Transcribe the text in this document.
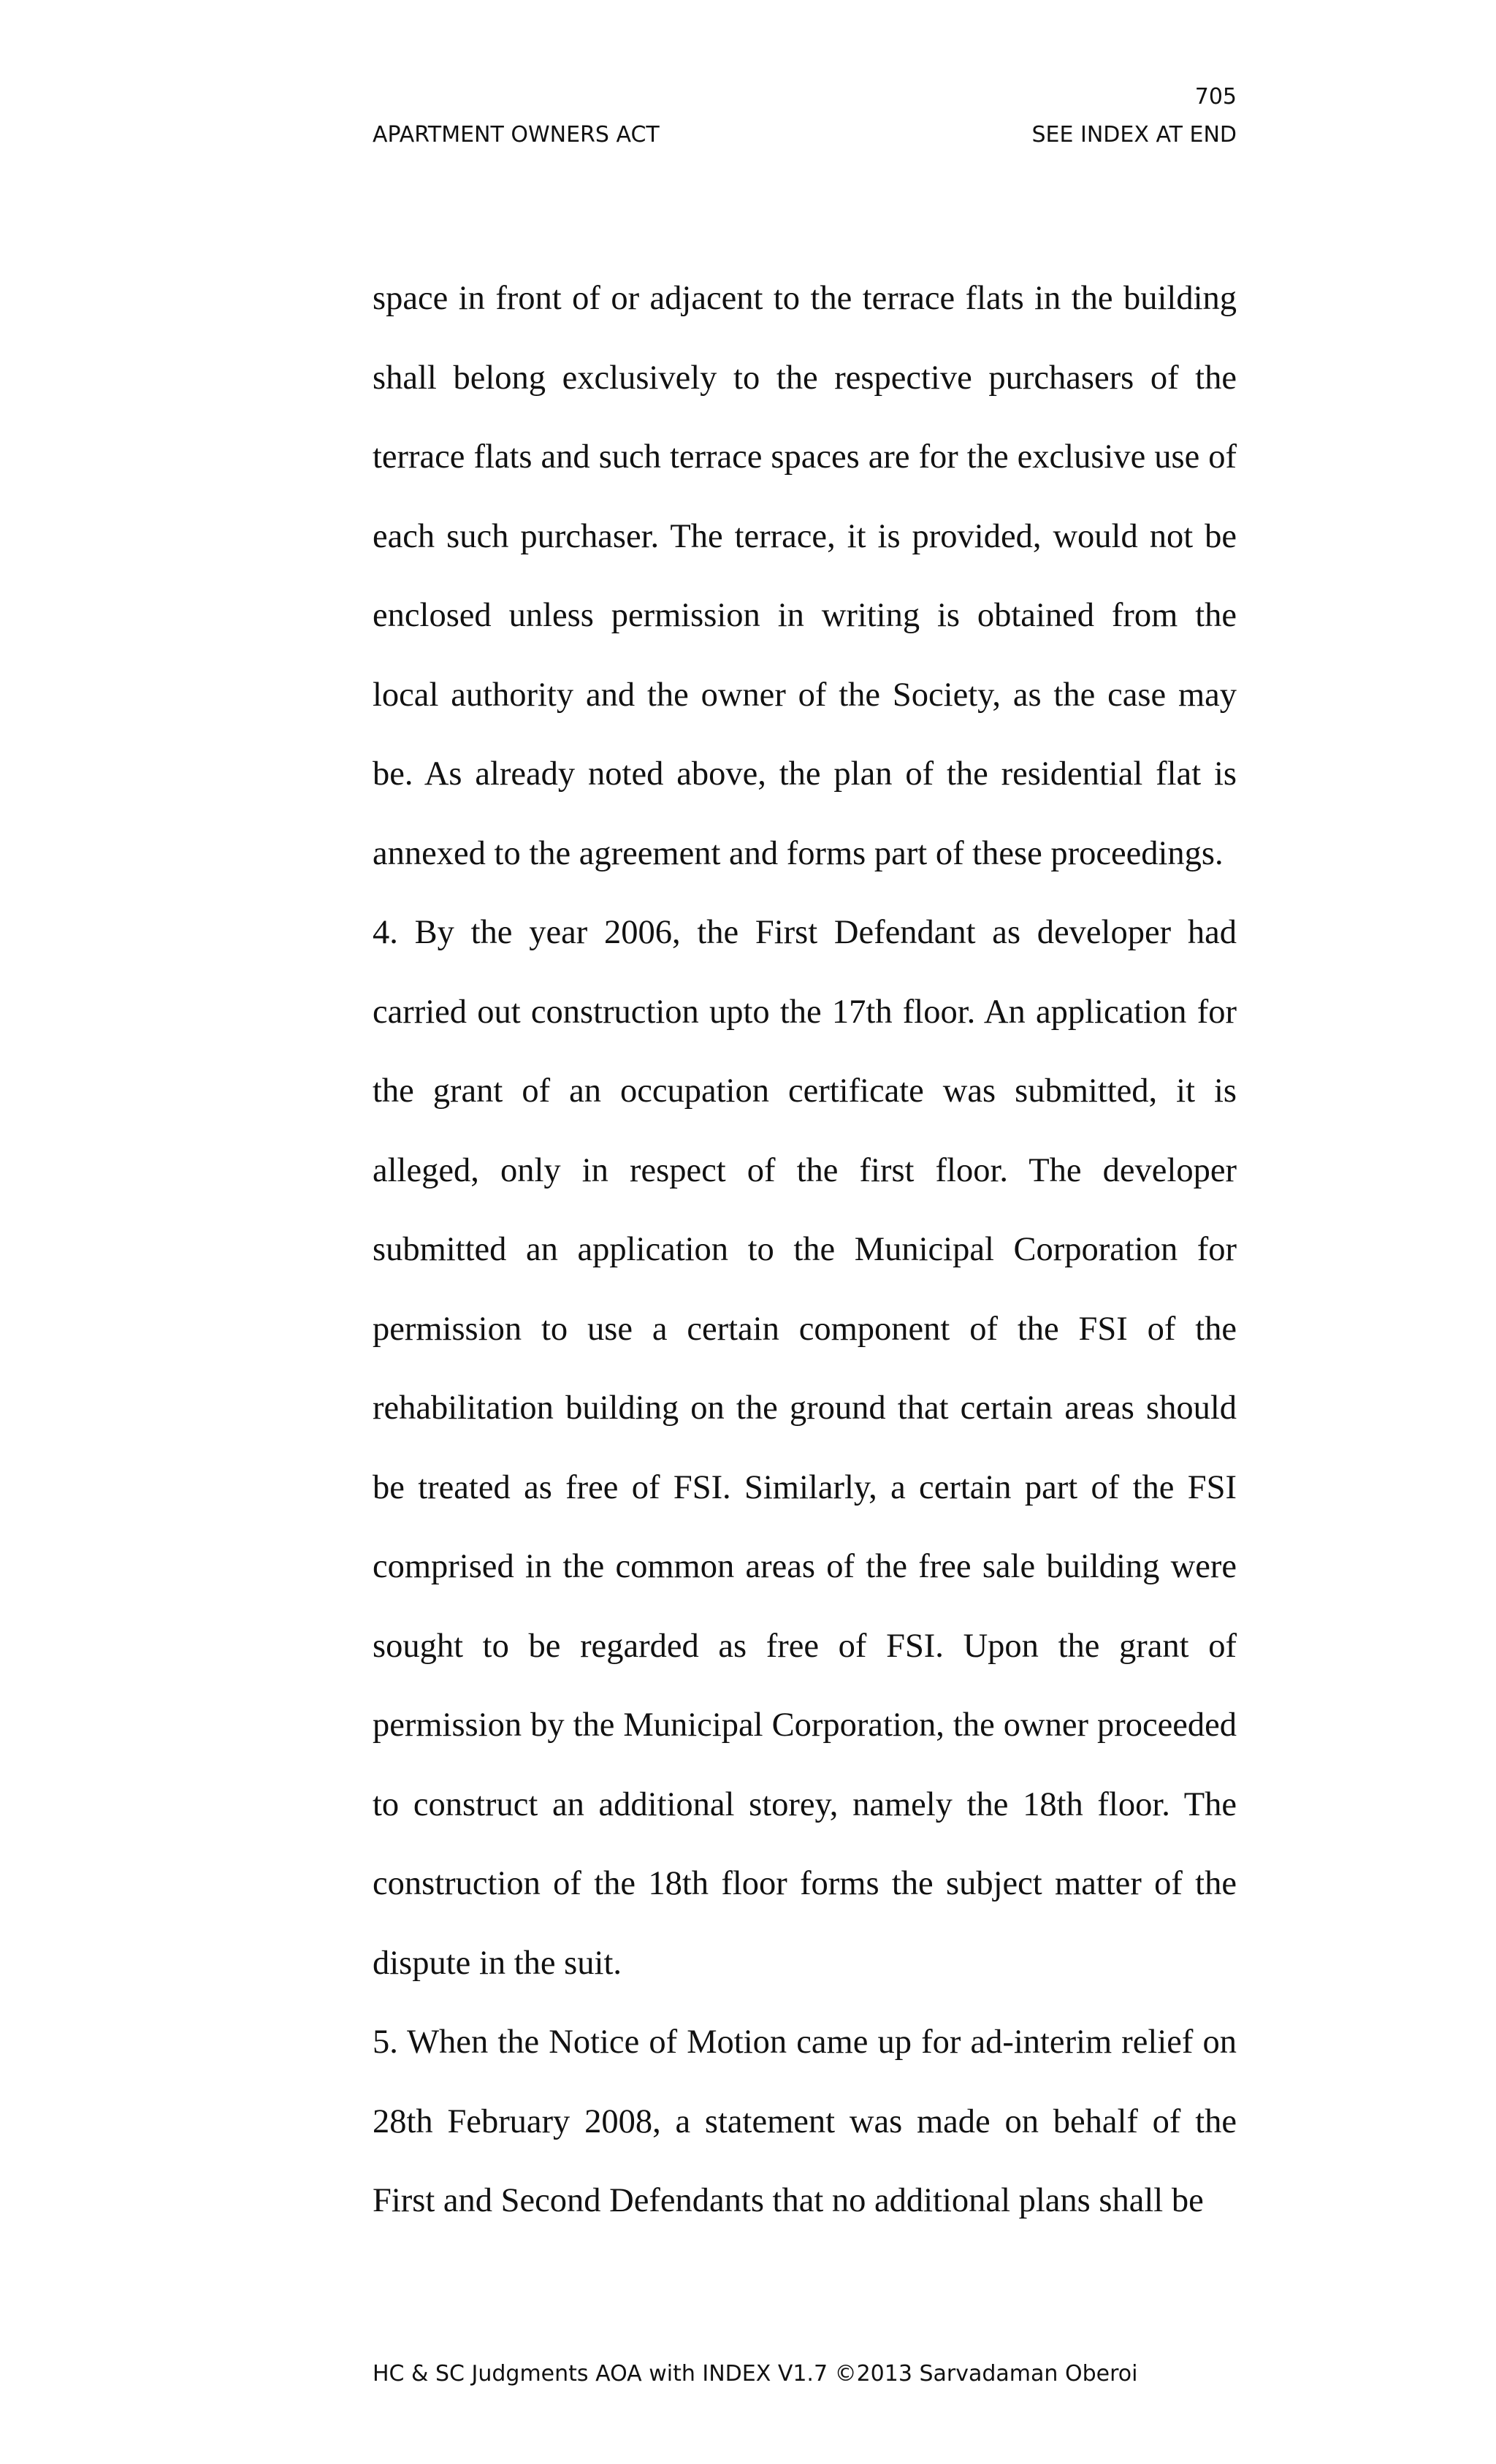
705
APARTMENT OWNERS ACT	SEE INDEX AT END

space in front of or adjacent to the terrace flats in the building shall belong exclusively to the respective purchasers of the terrace flats and such terrace spaces are for the exclusive use of each such purchaser. The terrace, it is provided, would not be enclosed unless permission in writing is obtained from the local authority and the owner of the Society, as the case may be. As already noted above, the plan of the residential flat is annexed to the agreement and forms part of these proceedings.

4. By the year 2006, the First Defendant as developer had carried out construction upto the 17th floor. An application for the grant of an occupation certificate was submitted, it is alleged, only in respect of the first floor. The developer submitted an application to the Municipal Corporation for permission to use a certain component of the FSI of the rehabilitation building on the ground that certain areas should be treated as free of FSI. Similarly, a certain part of the FSI comprised in the common areas of the free sale building were sought to be regarded as free of FSI. Upon the grant of permission by the Municipal Corporation, the owner proceeded to construct an additional storey, namely the 18th floor. The construction of the 18th floor forms the subject matter of the dispute in the suit.

5. When the Notice of Motion came up for ad-interim relief on 28th February 2008, a statement was made on behalf of the First and Second Defendants that no additional plans shall be

HC & SC Judgments AOA with INDEX V1.7 ©2013 Sarvadaman Oberoi
